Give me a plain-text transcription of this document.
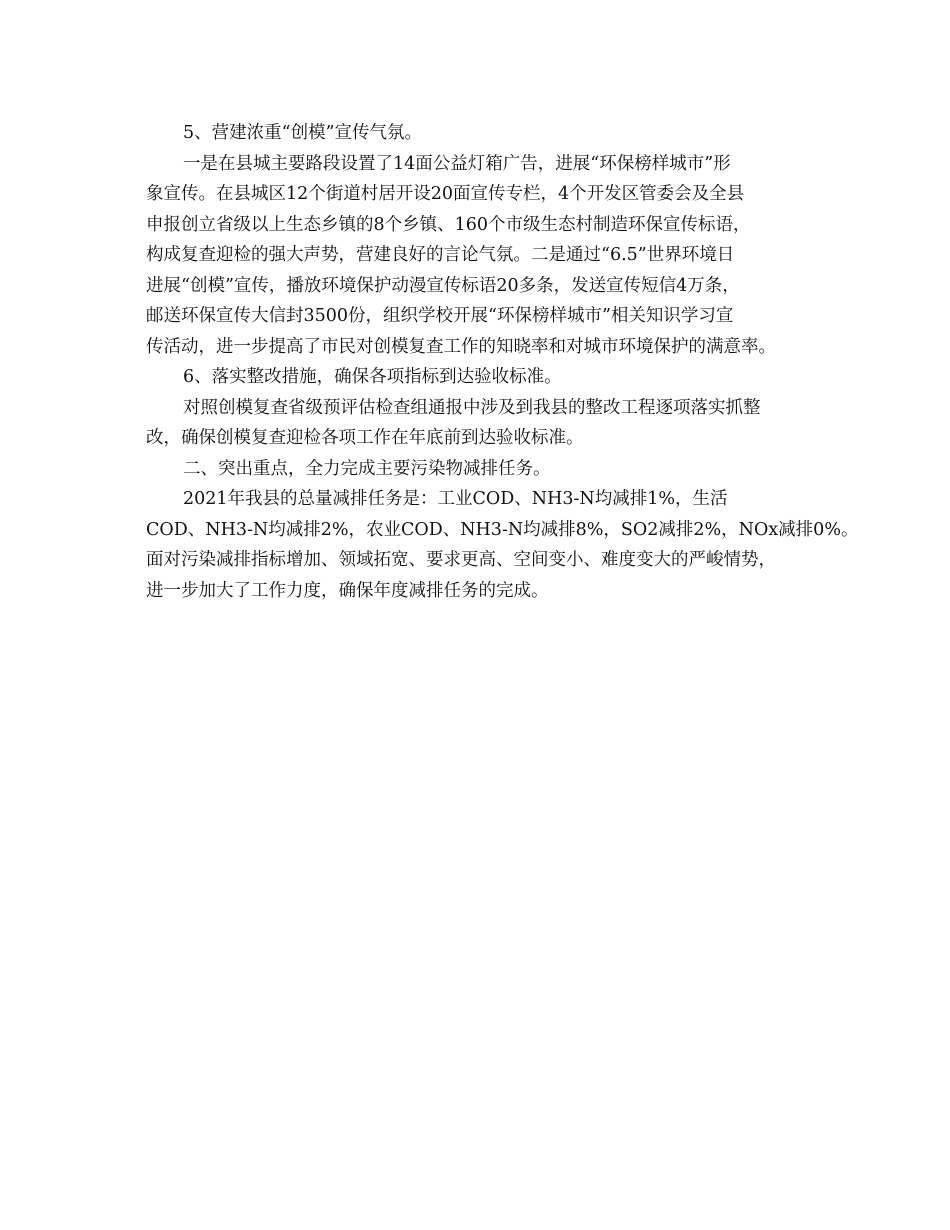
5、营建浓重“创模”宣传气氛。
一是在县城主要路段设置了14面公益灯箱广告，进展“环保榜样城市”形
象宣传。在县城区12个街道村居开设20面宣传专栏，4个开发区管委会及全县
申报创立省级以上生态乡镇的8个乡镇、160个市级生态村制造环保宣传标语，
构成复查迎检的强大声势，营建良好的言论气氛。二是通过“6.5”世界环境日
进展“创模”宣传，播放环境保护动漫宣传标语20多条，发送宣传短信4万条，
邮送环保宣传大信封3500份，组织学校开展“环保榜样城市”相关知识学习宣
传活动，进一步提高了市民对创模复查工作的知晓率和对城市环境保护的满意率。
6、落实整改措施，确保各项指标到达验收标准。
对照创模复查省级预评估检查组通报中涉及到我县的整改工程逐项落实抓整
改，确保创模复查迎检各项工作在年底前到达验收标准。
二、突出重点，全力完成主要污染物减排任务。
2021年我县的总量减排任务是：工业COD、NH3-N均减排1%，生活
COD、NH3-N均减排2%，农业COD、NH3-N均减排8%，SO2减排2%，NOx减排0%。
面对污染减排指标增加、领域拓宽、要求更高、空间变小、难度变大的严峻情势，
进一步加大了工作力度，确保年度减排任务的完成。
